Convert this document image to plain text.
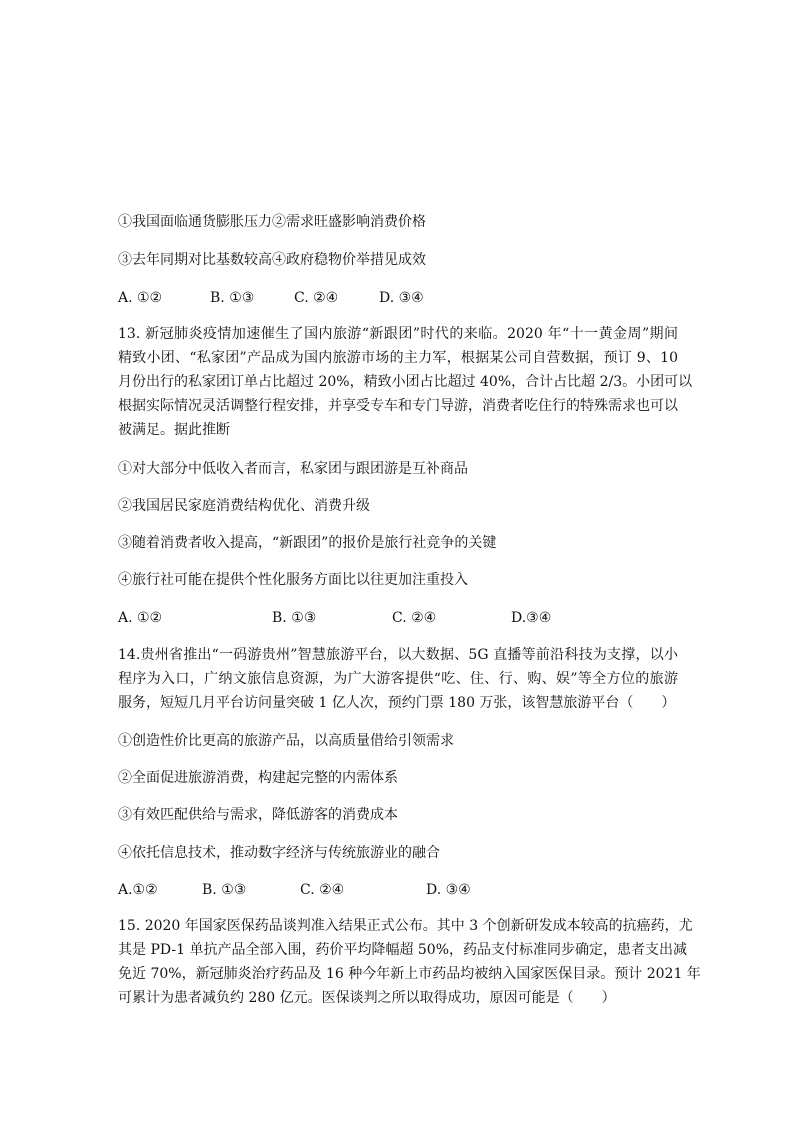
①我国面临通货膨胀压力②需求旺盛影响消费价格
③去年同期对比基数较高④政府稳物价举措见成效
A. ①②	B. ①③	C. ②④	D. ③④
13. 新冠肺炎疫情加速催生了国内旅游“新跟团”时代的来临。2020 年“十一黄金周”期间
精致小团、“私家团”产品成为国内旅游市场的主力军，根据某公司自营数据，预订 9、10
月份出行的私家团订单占比超过 20%，精致小团占比超过 40%，合计占比超 2/3。小团可以
根据实际情况灵活调整行程安排，并享受专车和专门导游，消费者吃住行的特殊需求也可以
被满足。据此推断
①对大部分中低收入者而言，私家团与跟团游是互补商品
②我国居民家庭消费结构优化、消费升级
③随着消费者收入提高，“新跟团”的报价是旅行社竞争的关键
④旅行社可能在提供个性化服务方面比以往更加注重投入
A. ①②	B. ①③	C. ②④	D.③④
14.贵州省推出“一码游贵州”智慧旅游平台，以大数据、5G 直播等前沿科技为支撑，以小
程序为入口，广纳文旅信息资源，为广大游客提供“吃、住、行、购、娱”等全方位的旅游
服务，短短几月平台访问量突破 1 亿人次，预约门票 180 万张，该智慧旅游平台（　　）
①创造性价比更高的旅游产品，以高质量借给引领需求
②全面促进旅游消费，构建起完整的内需体系
③有效匹配供给与需求，降低游客的消费成本
④依托信息技术，推动数字经济与传统旅游业的融合
A.①②	B. ①③	C. ②④	D. ③④
15. 2020 年国家医保药品谈判准入结果正式公布。其中 3 个创新研发成本较高的抗癌药，尤
其是 PD-1 单抗产品全部入围，药价平均降幅超 50%，药品支付标准同步确定，患者支出减
免近 70%，新冠肺炎治疗药品及 16 种今年新上市药品均被纳入国家医保目录。预计 2021 年
可累计为患者减负约 280 亿元。医保谈判之所以取得成功，原因可能是（　　）
